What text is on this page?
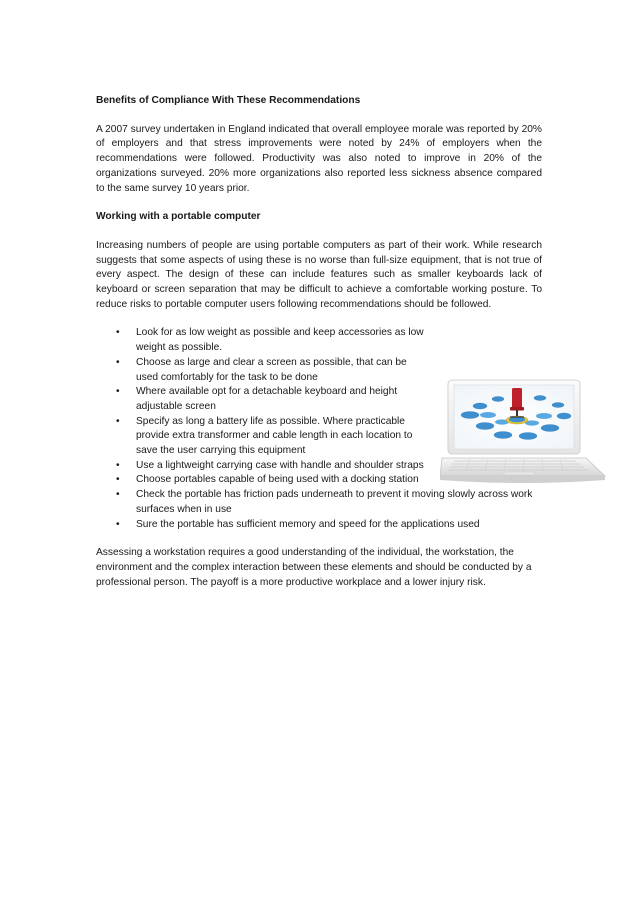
Benefits of Compliance With These Recommendations

A 2007 survey undertaken in England indicated that overall employee morale was reported by 20% of employers and that stress improvements were noted by 24% of employers when the recommendations were followed. Productivity was also noted to improve in 20% of the organizations surveyed. 20% more organizations also reported less sickness absence compared to the same survey 10 years prior.

Working with a portable computer

Increasing numbers of people are using portable computers as part of their work. While research suggests that some aspects of using these is no worse than full-size equipment, that is not true of every aspect. The design of these can include features such as smaller keyboards lack of keyboard or screen separation that may be difficult to achieve a comfortable working posture. To reduce risks to portable computer users following recommendations should be followed.

•	Look for as low weight as possible and keep accessories as low weight as possible.
•	Choose as large and clear a screen as possible, that can be used comfortably for the task to be done
•	Where available opt for a detachable keyboard and height adjustable screen
•	Specify as long a battery life as possible. Where practicable provide extra transformer and cable length in each location to save the user carrying this equipment
•	Use a lightweight carrying case with handle and shoulder straps
•	Choose portables capable of being used with a docking station
•	Check the portable has friction pads underneath to prevent it moving slowly across work surfaces when in use
•	Sure the portable has sufficient memory and speed for the applications used

Assessing a workstation requires a good understanding of the individual, the workstation, the environment and the complex interaction between these elements and should be conducted by a professional person. The payoff is a more productive workplace and a lower injury risk.
